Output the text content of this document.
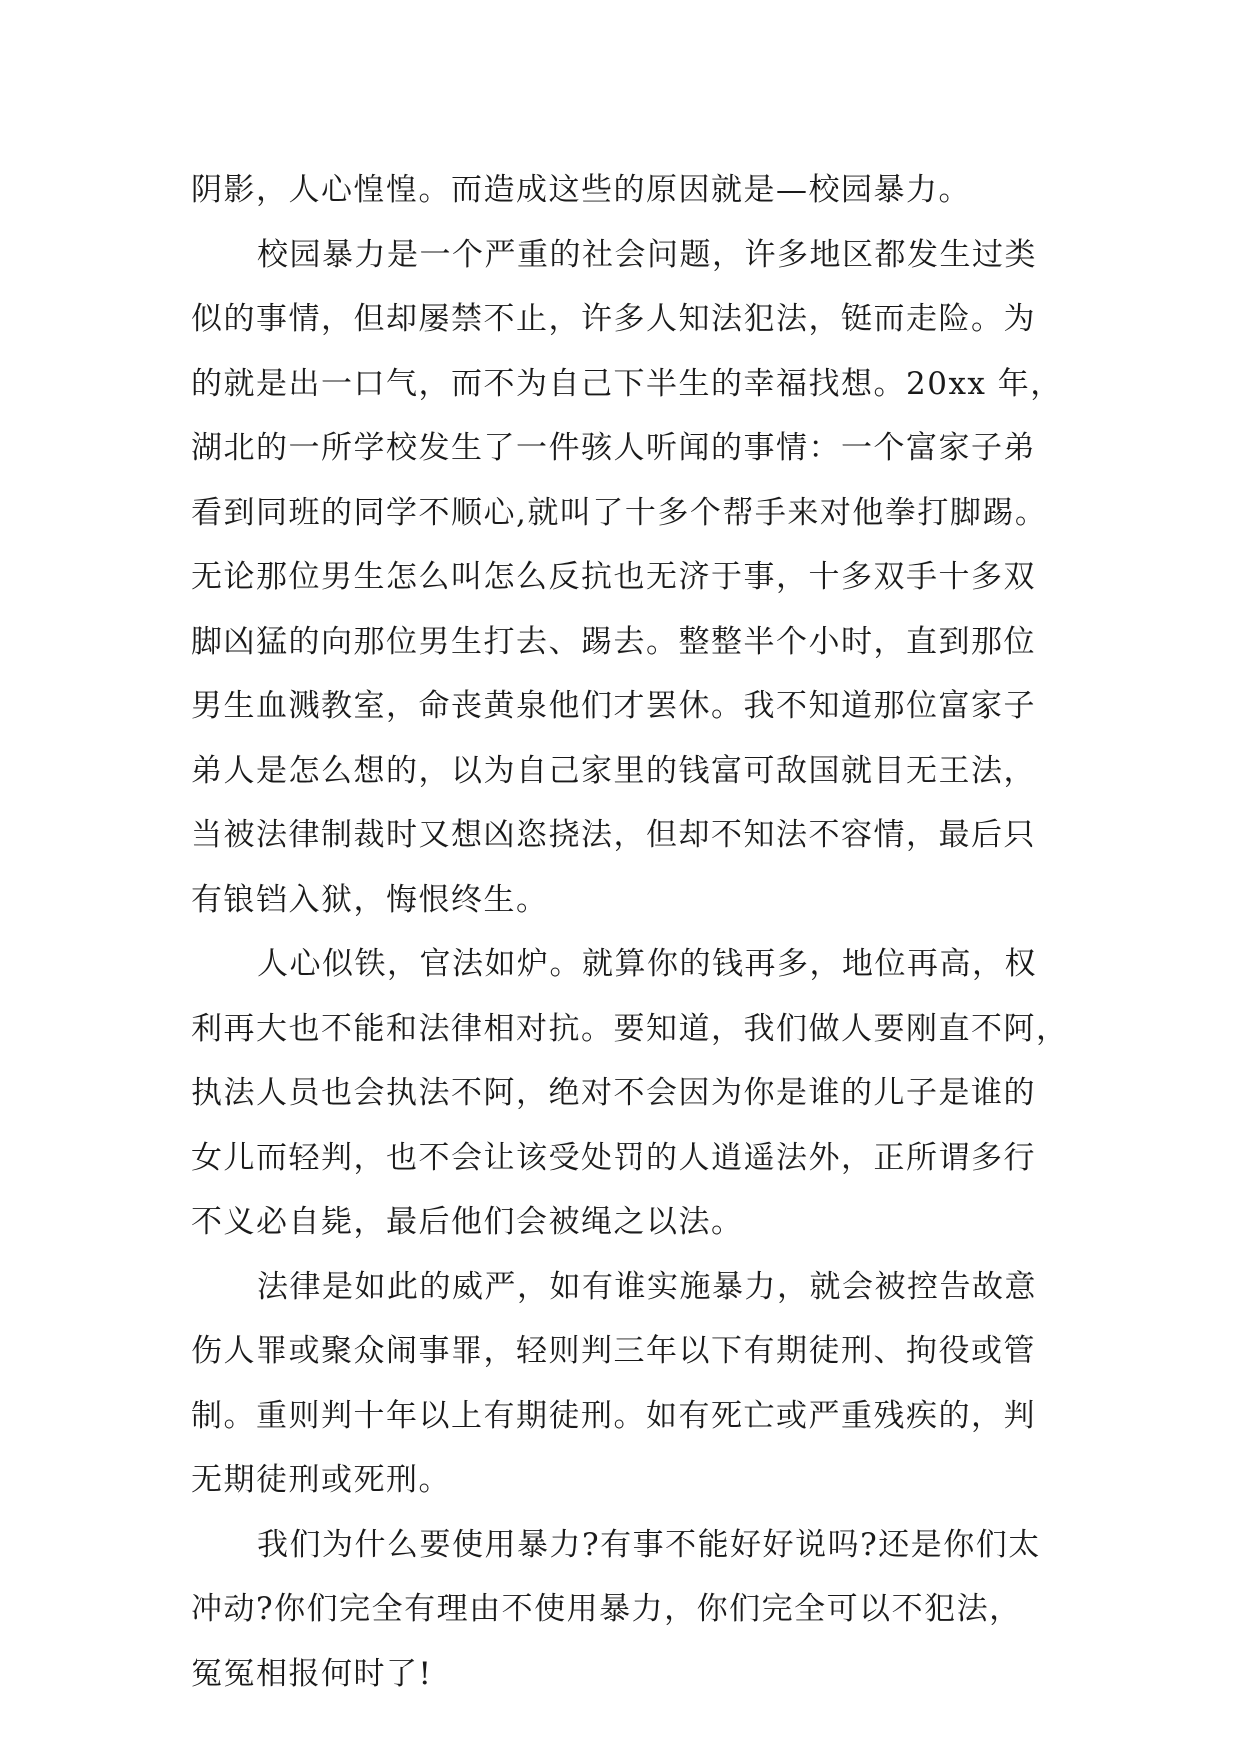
阴影，人心惶惶。而造成这些的原因就是—校园暴力。
校园暴力是一个严重的社会问题，许多地区都发生过类
似的事情，但却屡禁不止，许多人知法犯法，铤而走险。为
的就是出一口气，而不为自己下半生的幸福找想。20xx 年，
湖北的一所学校发生了一件骇人听闻的事情：一个富家子弟
看到同班的同学不顺心,就叫了十多个帮手来对他拳打脚踢。
无论那位男生怎么叫怎么反抗也无济于事，十多双手十多双
脚凶猛的向那位男生打去、踢去。整整半个小时，直到那位
男生血溅教室，命丧黄泉他们才罢休。我不知道那位富家子
弟人是怎么想的，以为自己家里的钱富可敌国就目无王法，
当被法律制裁时又想凶恣挠法，但却不知法不容情，最后只
有锒铛入狱，悔恨终生。
人心似铁，官法如炉。就算你的钱再多，地位再高，权
利再大也不能和法律相对抗。要知道，我们做人要刚直不阿，
执法人员也会执法不阿，绝对不会因为你是谁的儿子是谁的
女儿而轻判，也不会让该受处罚的人逍遥法外，正所谓多行
不义必自毙，最后他们会被绳之以法。
法律是如此的威严，如有谁实施暴力，就会被控告故意
伤人罪或聚众闹事罪，轻则判三年以下有期徒刑、拘役或管
制。重则判十年以上有期徒刑。如有死亡或严重残疾的，判
无期徒刑或死刑。
我们为什么要使用暴力?有事不能好好说吗?还是你们太
冲动?你们完全有理由不使用暴力，你们完全可以不犯法，
冤冤相报何时了!
